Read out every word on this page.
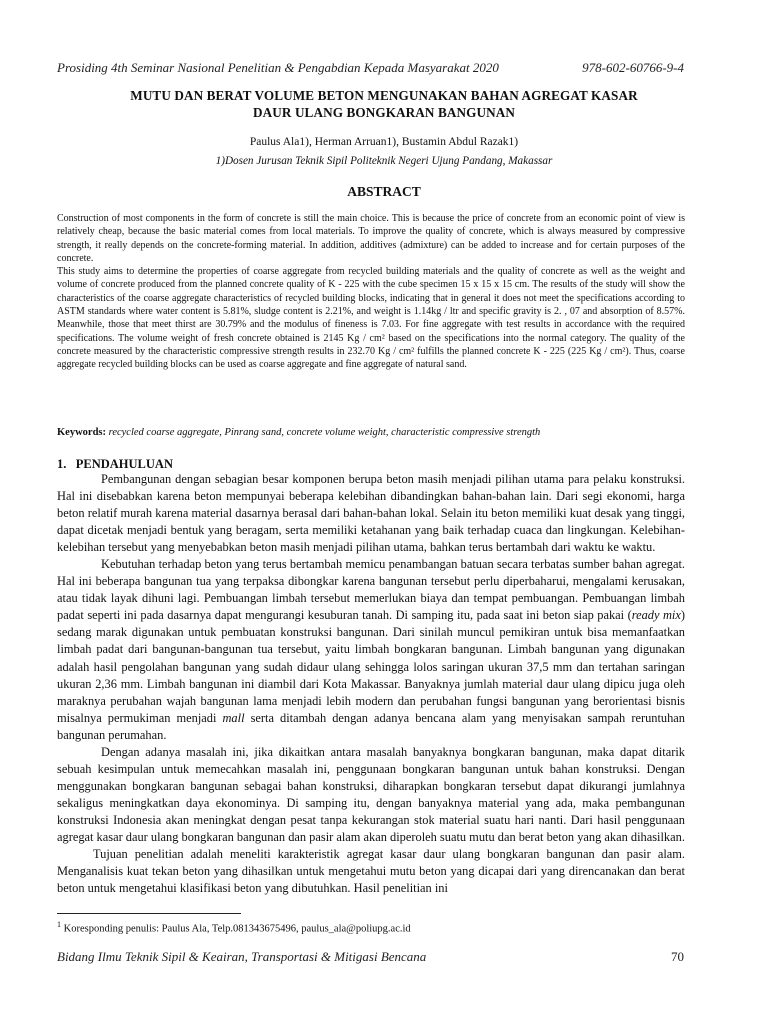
Prosiding 4th Seminar Nasional Penelitian & Pengabdian Kepada Masyarakat 2020	978-602-60766-9-4
MUTU DAN BERAT VOLUME BETON MENGUNAKAN BAHAN AGREGAT KASAR
DAUR ULANG BONGKARAN BANGUNAN
Paulus Ala1), Herman Arruan1), Bustamin Abdul Razak1)
1)Dosen Jurusan Teknik Sipil Politeknik Negeri Ujung Pandang, Makassar
ABSTRACT

Construction of most components in the form of concrete is still the main choice. This is because the price of concrete from an economic point of view is relatively cheap, because the basic material comes from local materials. To improve the quality of concrete, which is always measured by compressive strength, it really depends on the concrete-forming material. In addition, additives (admixture) can be added to increase and for certain purposes of the concrete.

This study aims to determine the properties of coarse aggregate from recycled building materials and the quality of concrete as well as the weight and volume of concrete produced from the planned concrete quality of K - 225 with the cube specimen 15 x 15 x 15 cm. The results of the study will show the characteristics of the coarse aggregate characteristics of recycled building blocks, indicating that in general it does not meet the specifications according to ASTM standards where water content is 5.81%, sludge content is 2.21%, and weight is 1.14kg / ltr and specific gravity is 2. , 07 and absorption of 8.57%. Meanwhile, those that meet thirst are 30.79% and the modulus of fineness is 7.03. For fine aggregate with test results in accordance with the required specifications. The volume weight of fresh concrete obtained is 2145 Kg / cm² based on the specifications into the normal category. The quality of the concrete measured by the characteristic compressive strength results in 232.70 Kg / cm² fulfills the planned concrete K - 225 (225 Kg / cm²). Thus, coarse aggregate recycled building blocks can be used as coarse aggregate and fine aggregate of natural sand.

Keywords: recycled coarse aggregate, Pinrang sand, concrete volume weight, characteristic compressive strength
1. PENDAHULUAN

Pembangunan dengan sebagian besar komponen berupa beton masih menjadi pilihan utama para pelaku konstruksi. Hal ini disebabkan karena beton mempunyai beberapa kelebihan dibandingkan bahan-bahan lain. Dari segi ekonomi, harga beton relatif murah karena material dasarnya berasal dari bahan-bahan lokal. Selain itu beton memiliki kuat desak yang tinggi, dapat dicetak menjadi bentuk yang beragam, serta memiliki ketahanan yang baik terhadap cuaca dan lingkungan. Kelebihan-kelebihan tersebut yang menyebabkan beton masih menjadi pilihan utama, bahkan terus bertambah dari waktu ke waktu.

Kebutuhan terhadap beton yang terus bertambah memicu penambangan batuan secara terbatas sumber bahan agregat. Hal ini beberapa bangunan tua yang terpaksa dibongkar karena bangunan tersebut perlu diperbaharui, mengalami kerusakan, atau tidak layak dihuni lagi. Pembuangan limbah tersebut memerlukan biaya dan tempat pembuangan. Pembuangan limbah padat seperti ini pada dasarnya dapat mengurangi kesuburan tanah. Di samping itu, pada saat ini beton siap pakai (ready mix) sedang marak digunakan untuk pembuatan konstruksi bangunan. Dari sinilah muncul pemikiran untuk bisa memanfaatkan limbah padat dari bangunan-bangunan tua tersebut, yaitu limbah bongkaran bangunan. Limbah bangunan yang digunakan adalah hasil pengolahan bangunan yang sudah didaur ulang sehingga lolos saringan ukuran 37,5 mm dan tertahan saringan ukuran 2,36 mm. Limbah bangunan ini diambil dari Kota Makassar. Banyaknya jumlah material daur ulang dipicu juga oleh maraknya perubahan wajah bangunan lama menjadi lebih modern dan perubahan fungsi bangunan yang berorientasi bisnis misalnya permukiman menjadi mall serta ditambah dengan adanya bencana alam yang menyisakan sampah reruntuhan bangunan perumahan.

Dengan adanya masalah ini, jika dikaitkan antara masalah banyaknya bongkaran bangunan, maka dapat ditarik sebuah kesimpulan untuk memecahkan masalah ini, penggunaan bongkaran bangunan untuk bahan konstruksi. Dengan menggunakan bongkaran bangunan sebagai bahan konstruksi, diharapkan bongkaran tersebut dapat dikurangi jumlahnya sekaligus meningkatkan daya ekonominya. Di samping itu, dengan banyaknya material yang ada, maka pembangunan konstruksi Indonesia akan meningkat dengan pesat tanpa kekurangan stok material suatu hari nanti. Dari hasil penggunaan agregat kasar daur ulang bongkaran bangunan dan pasir alam akan diperoleh suatu mutu dan berat beton yang akan dihasilkan.

Tujuan penelitian adalah meneliti karakteristik agregat kasar daur ulang bongkaran bangunan dan pasir alam. Menganalisis kuat tekan beton yang dihasilkan untuk mengetahui mutu beton yang dicapai dari yang direncanakan dan berat beton untuk mengetahui klasifikasi beton yang dibutuhkan. Hasil penelitian ini

$^1$ Koresponding penulis: Paulus Ala, Telp.081343675496, paulus_ala@poliupg.ac.id
Bidang Ilmu Teknik Sipil & Keairan, Transportasi & Mitigasi Bencana	70
